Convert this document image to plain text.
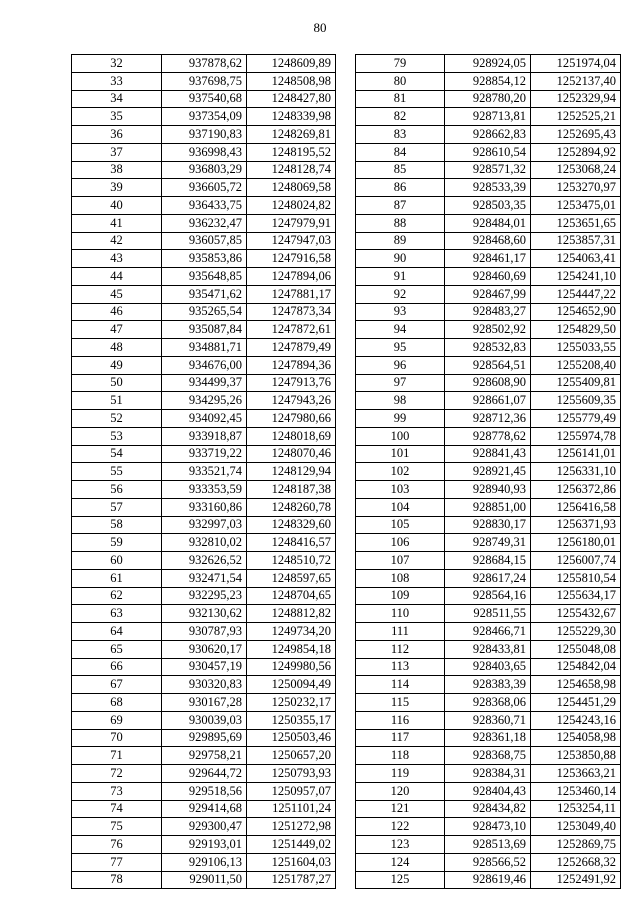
80
32	937878,62	1248609,89
33	937698,75	1248508,98
34	937540,68	1248427,80
35	937354,09	1248339,98
36	937190,83	1248269,81
37	936998,43	1248195,52
38	936803,29	1248128,74
39	936605,72	1248069,58
40	936433,75	1248024,82
41	936232,47	1247979,91
42	936057,85	1247947,03
43	935853,86	1247916,58
44	935648,85	1247894,06
45	935471,62	1247881,17
46	935265,54	1247873,34
47	935087,84	1247872,61
48	934881,71	1247879,49
49	934676,00	1247894,36
50	934499,37	1247913,76
51	934295,26	1247943,26
52	934092,45	1247980,66
53	933918,87	1248018,69
54	933719,22	1248070,46
55	933521,74	1248129,94
56	933353,59	1248187,38
57	933160,86	1248260,78
58	932997,03	1248329,60
59	932810,02	1248416,57
60	932626,52	1248510,72
61	932471,54	1248597,65
62	932295,23	1248704,65
63	932130,62	1248812,82
64	930787,93	1249734,20
65	930620,17	1249854,18
66	930457,19	1249980,56
67	930320,83	1250094,49
68	930167,28	1250232,17
69	930039,03	1250355,17
70	929895,69	1250503,46
71	929758,21	1250657,20
72	929644,72	1250793,93
73	929518,56	1250957,07
74	929414,68	1251101,24
75	929300,47	1251272,98
76	929193,01	1251449,02
77	929106,13	1251604,03
78	929011,50	1251787,27
79	928924,05	1251974,04
80	928854,12	1252137,40
81	928780,20	1252329,94
82	928713,81	1252525,21
83	928662,83	1252695,43
84	928610,54	1252894,92
85	928571,32	1253068,24
86	928533,39	1253270,97
87	928503,35	1253475,01
88	928484,01	1253651,65
89	928468,60	1253857,31
90	928461,17	1254063,41
91	928460,69	1254241,10
92	928467,99	1254447,22
93	928483,27	1254652,90
94	928502,92	1254829,50
95	928532,83	1255033,55
96	928564,51	1255208,40
97	928608,90	1255409,81
98	928661,07	1255609,35
99	928712,36	1255779,49
100	928778,62	1255974,78
101	928841,43	1256141,01
102	928921,45	1256331,10
103	928940,93	1256372,86
104	928851,00	1256416,58
105	928830,17	1256371,93
106	928749,31	1256180,01
107	928684,15	1256007,74
108	928617,24	1255810,54
109	928564,16	1255634,17
110	928511,55	1255432,67
111	928466,71	1255229,30
112	928433,81	1255048,08
113	928403,65	1254842,04
114	928383,39	1254658,98
115	928368,06	1254451,29
116	928360,71	1254243,16
117	928361,18	1254058,98
118	928368,75	1253850,88
119	928384,31	1253663,21
120	928404,43	1253460,14
121	928434,82	1253254,11
122	928473,10	1253049,40
123	928513,69	1252869,75
124	928566,52	1252668,32
125	928619,46	1252491,92
